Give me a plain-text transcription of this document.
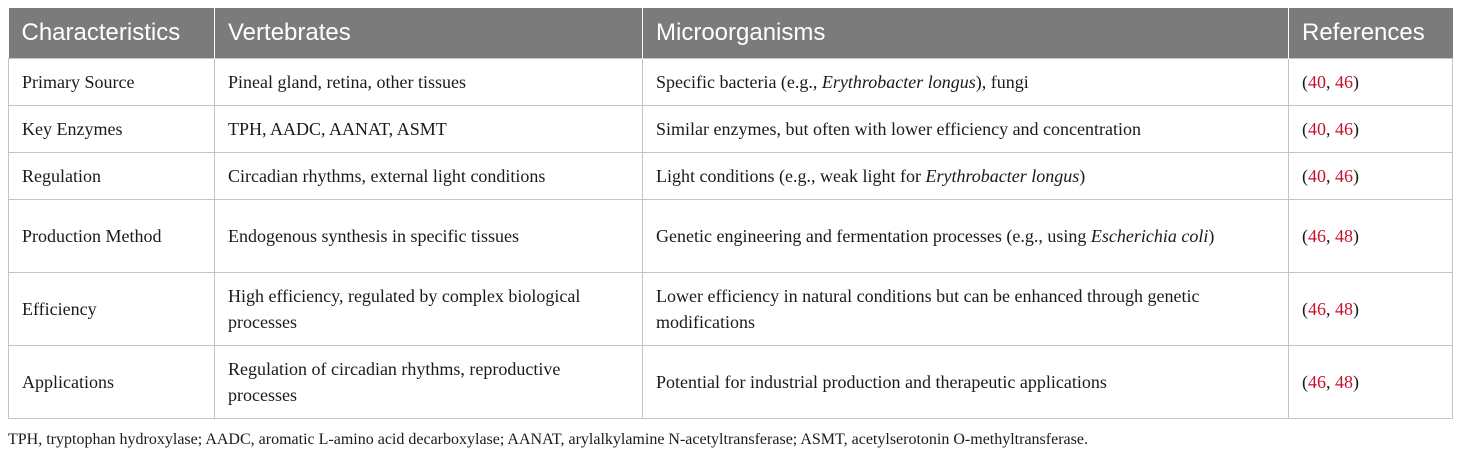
Characteristics	Vertebrates	Microorganisms	References
Primary Source	Pineal gland, retina, other tissues	Specific bacteria (e.g., Erythrobacter longus), fungi	(40, 46)
Key Enzymes	TPH, AADC, AANAT, ASMT	Similar enzymes, but often with lower efficiency and concentration	(40, 46)
Regulation	Circadian rhythms, external light conditions	Light conditions (e.g., weak light for Erythrobacter longus)	(40, 46)
Production Method	Endogenous synthesis in specific tissues	Genetic engineering and fermentation processes (e.g., using Escherichia coli)	(46, 48)
Efficiency	High efficiency, regulated by complex biological processes	Lower efficiency in natural conditions but can be enhanced through genetic modifications	(46, 48)
Applications	Regulation of circadian rhythms, reproductive processes	Potential for industrial production and therapeutic applications	(46, 48)
TPH, tryptophan hydroxylase; AADC, aromatic L-amino acid decarboxylase; AANAT, arylalkylamine N-acetyltransferase; ASMT, acetylserotonin O-methyltransferase.
